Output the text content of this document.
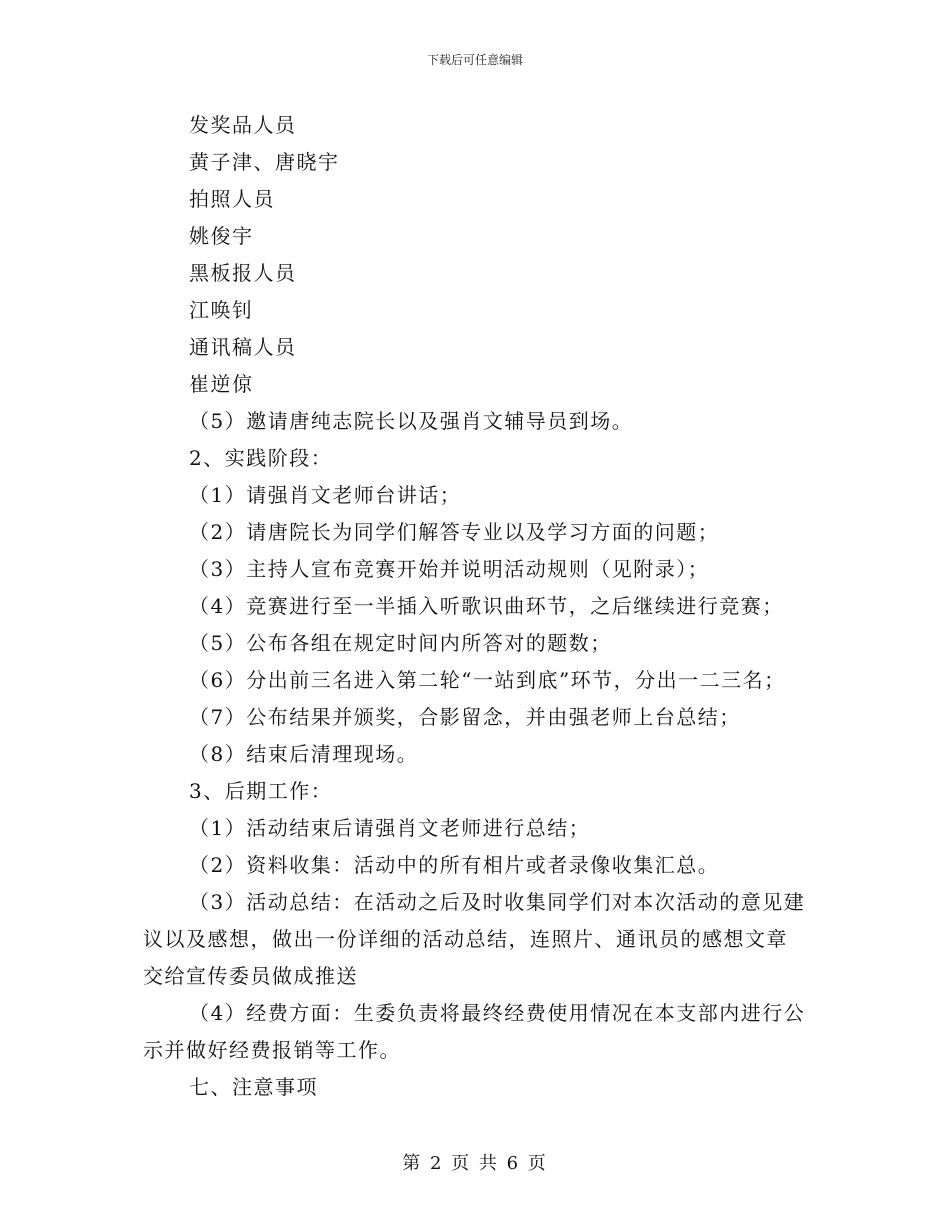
下载后可任意编辑
发奖品人员
黄子津、唐晓宇
拍照人员
姚俊宇
黑板报人员
江唤钊
通讯稿人员
崔逆倞
（5）邀请唐纯志院长以及强肖文辅导员到场。
2、实践阶段：
（1）请强肖文老师台讲话；
（2）请唐院长为同学们解答专业以及学习方面的问题；
（3）主持人宣布竞赛开始并说明活动规则（见附录）；
（4）竞赛进行至一半插入听歌识曲环节，之后继续进行竞赛；
（5）公布各组在规定时间内所答对的题数；
（6）分出前三名进入第二轮“一站到底”环节，分出一二三名；
（7）公布结果并颁奖，合影留念，并由强老师上台总结；
（8）结束后清理现场。
3、后期工作：
（1）活动结束后请强肖文老师进行总结；
（2）资料收集：活动中的所有相片或者录像收集汇总。
（3）活动总结：在活动之后及时收集同学们对本次活动的意见建
议以及感想，做出一份详细的活动总结，连照片、通讯员的感想文章
交给宣传委员做成推送
（4）经费方面：生委负责将最终经费使用情况在本支部内进行公
示并做好经费报销等工作。
七、注意事项
第 2 页 共 6 页
